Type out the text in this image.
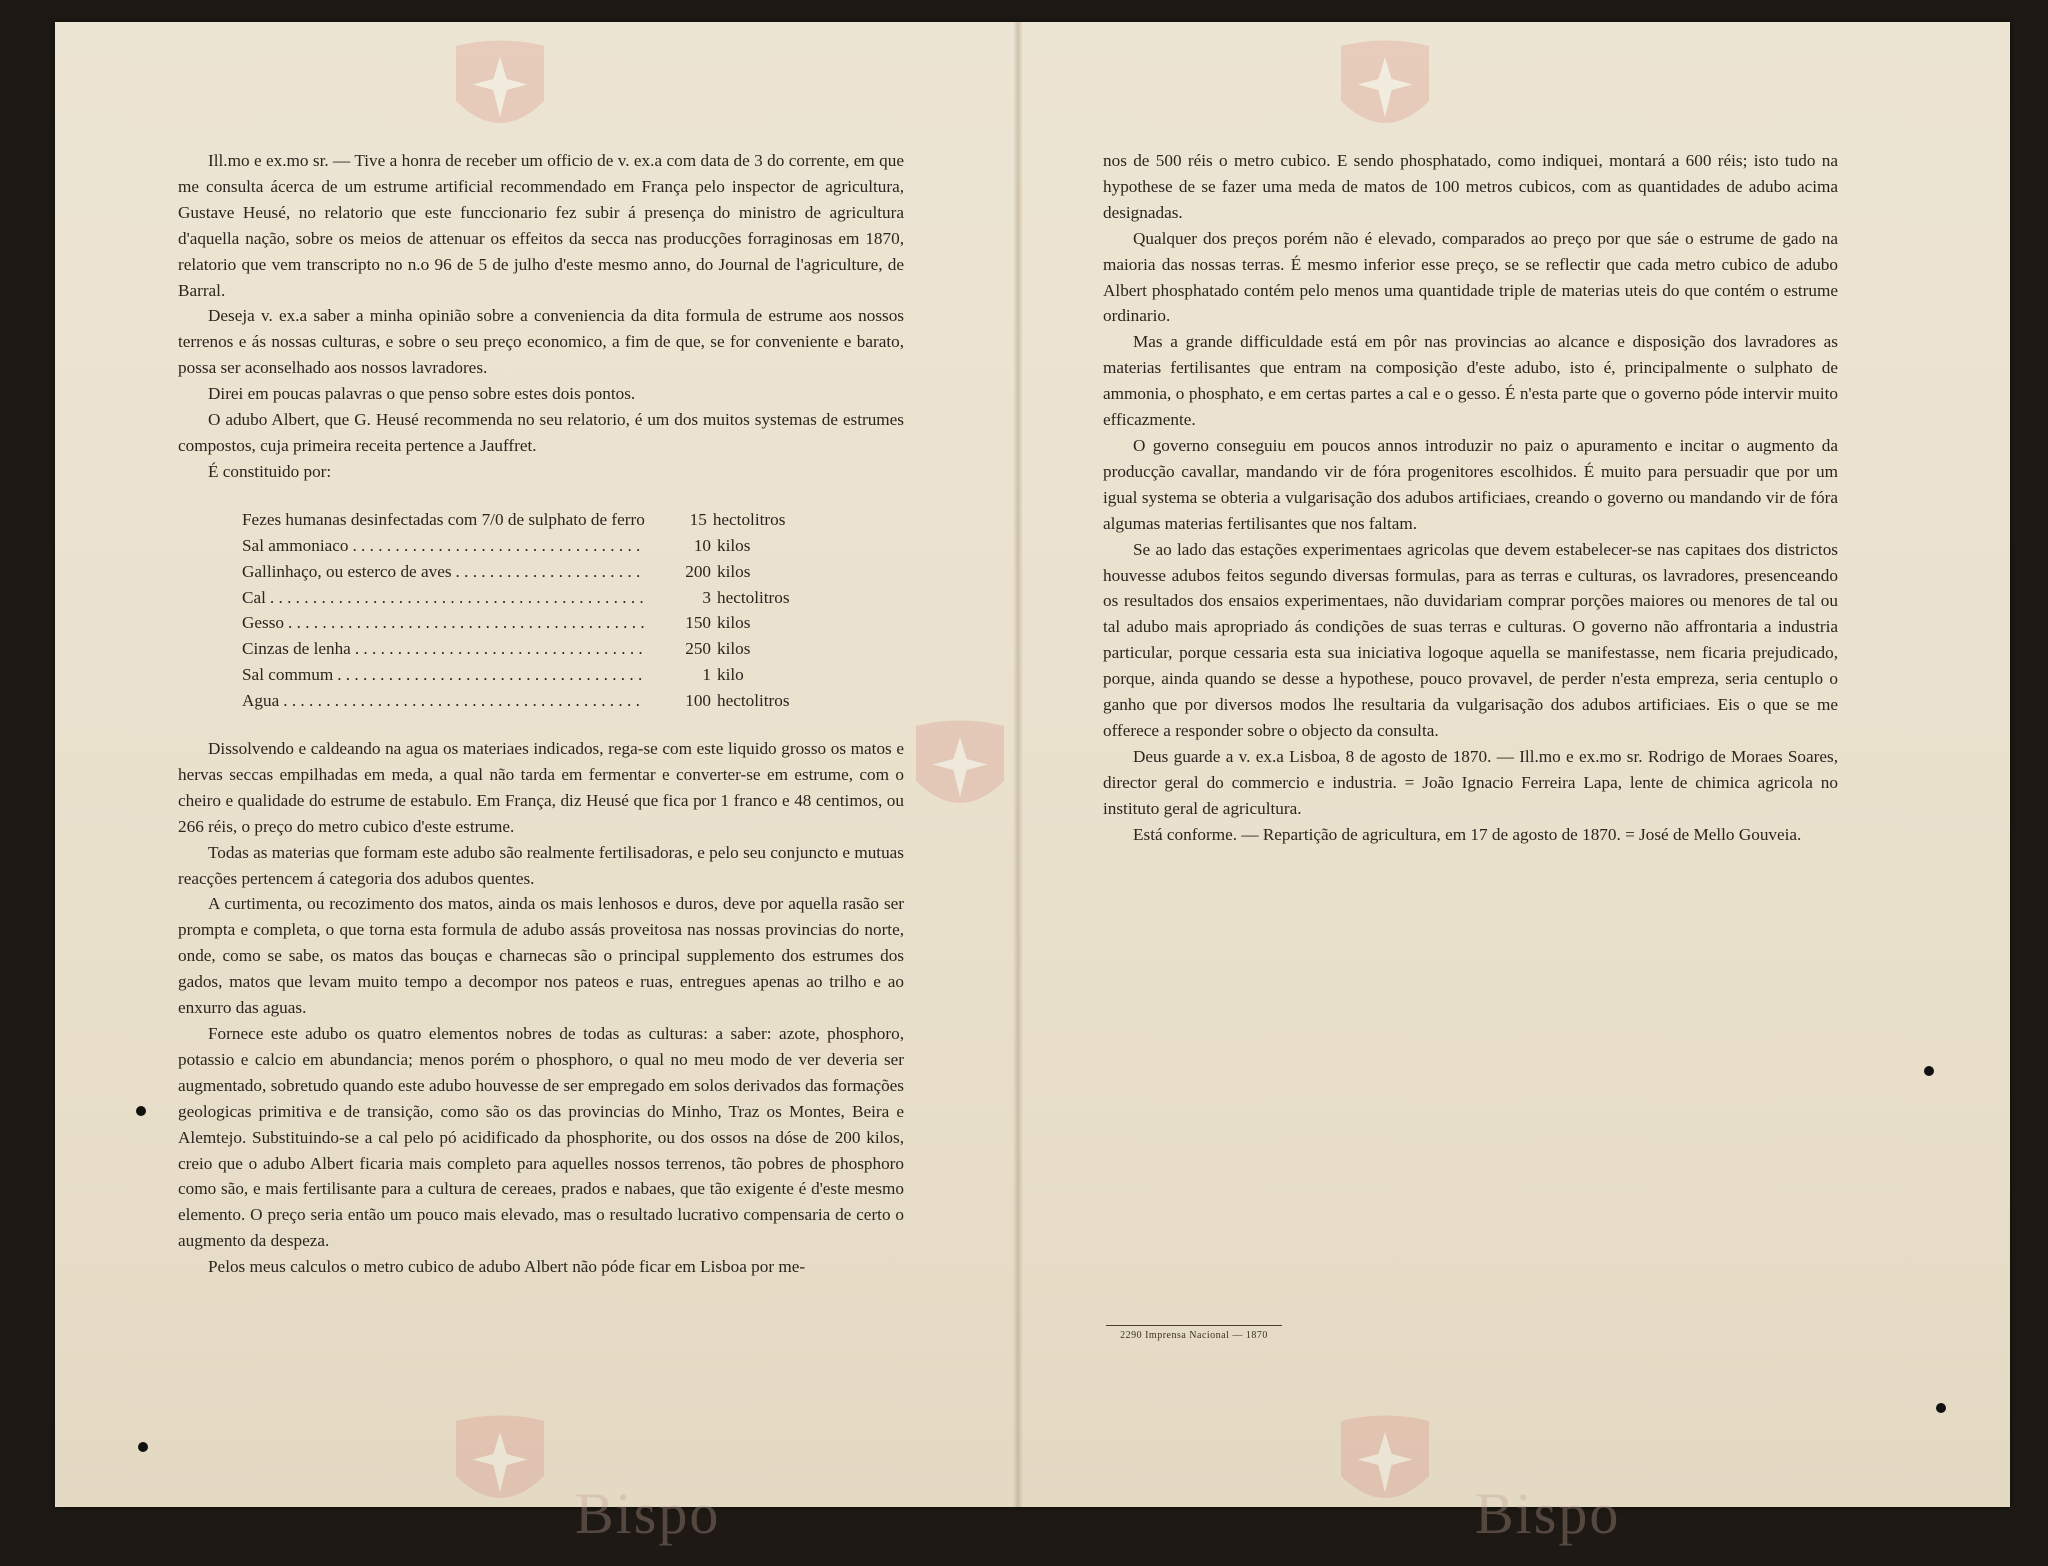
Bispo	Bispo

Ill.mo e ex.mo sr. — Tive a honra de receber um officio de v. ex.a com data de 3 do corrente, em que me consulta ácerca de um estrume artificial recommendado em França pelo inspector de agricultura, Gustave Heusé, no relatorio que este funccionario fez subir á presença do ministro de agricultura d'aquella nação, sobre os meios de attenuar os effeitos da secca nas producções forraginosas em 1870, relatorio que vem transcripto no n.o 96 de 5 de julho d'este mesmo anno, do Journal de l'agriculture, de Barral.

Deseja v. ex.a saber a minha opinião sobre a conveniencia da dita formula de estrume aos nossos terrenos e ás nossas culturas, e sobre o seu preço economico, a fim de que, se for conveniente e barato, possa ser aconselhado aos nossos lavradores.

Direi em poucas palavras o que penso sobre estes dois pontos.

O adubo Albert, que G. Heusé recommenda no seu relatorio, é um dos muitos systemas de estrumes compostos, cuja primeira receita pertence a Jauffret.

É constituido por:

Fezes humanas desinfectadas com 7/0 de sulphato de ferro	15 hectolitros
Sal ammoniaco . . .	10 kilos
Gallinhaço, ou esterco de aves . . .	200 kilos
Cal . . .	3 hectolitros
Gesso . . .	150 kilos
Cinzas de lenha . . .	250 kilos
Sal commum . . .	1 kilo
Agua . . .	100 hectolitros

Dissolvendo e caldeando na agua os materiaes indicados, rega-se com este liquido grosso os matos e hervas seccas empilhadas em meda, a qual não tarda em fermentar e converter-se em estrume, com o cheiro e qualidade do estrume de estabulo. Em França, diz Heusé que fica por 1 franco e 48 centimos, ou 266 réis, o preço do metro cubico d'este estrume.

Todas as materias que formam este adubo são realmente fertilisadoras, e pelo seu conjuncto e mutuas reacções pertencem á categoria dos adubos quentes.

A curtimenta, ou recozimento dos matos, ainda os mais lenhosos e duros, deve por aquella rasão ser prompta e completa, o que torna esta formula de adubo assás proveitosa nas nossas provincias do norte, onde, como se sabe, os matos das bouças e charnecas são o principal supplemento dos estrumes dos gados, matos que levam muito tempo a decompor nos pateos e ruas, entregues apenas ao trilho e ao enxurro das aguas.

Fornece este adubo os quatro elementos nobres de todas as culturas: a saber: azote, phosphoro, potassio e calcio em abundancia; menos porém o phosphoro, o qual no meu modo de ver deveria ser augmentado, sobretudo quando este adubo houvesse de ser empregado em solos derivados das formações geologicas primitiva e de transição, como são os das provincias do Minho, Traz os Montes, Beira e Alemtejo. Substituindo-se a cal pelo pó acidificado da phosphorite, ou dos ossos na dóse de 200 kilos, creio que o adubo Albert ficaria mais completo para aquelles nossos terrenos, tão pobres de phosphoro como são, e mais fertilisante para a cultura de cereaes, prados e nabaes, que tão exigente é d'este mesmo elemento. O preço seria então um pouco mais elevado, mas o resultado lucrativo compensaria de certo o augmento da despeza.

Pelos meus calculos o metro cubico de adubo Albert não póde ficar em Lisboa por me-

nos de 500 réis o metro cubico. E sendo phosphatado, como indiquei, montará a 600 réis; isto tudo na hypothese de se fazer uma meda de matos de 100 metros cubicos, com as quantidades de adubo acima designadas.

Qualquer dos preços porém não é elevado, comparados ao preço por que sáe o estrume de gado na maioria das nossas terras. É mesmo inferior esse preço, se se reflectir que cada metro cubico de adubo Albert phosphatado contém pelo menos uma quantidade triple de materias uteis do que contém o estrume ordinario.

Mas a grande difficuldade está em pôr nas provincias ao alcance e disposição dos lavradores as materias fertilisantes que entram na composição d'este adubo, isto é, principalmente o sulphato de ammonia, o phosphato, e em certas partes a cal e o gesso. É n'esta parte que o governo póde intervir muito efficazmente.

O governo conseguiu em poucos annos introduzir no paiz o apuramento e incitar o augmento da producção cavallar, mandando vir de fóra progenitores escolhidos. É muito para persuadir que por um igual systema se obteria a vulgarisação dos adubos artificiaes, creando o governo ou mandando vir de fóra algumas materias fertilisantes que nos faltam.

Se ao lado das estações experimentaes agricolas que devem estabelecer-se nas capitaes dos districtos houvesse adubos feitos segundo diversas formulas, para as terras e culturas, os lavradores, presenceando os resultados dos ensaios experimentaes, não duvidariam comprar porções maiores ou menores de tal ou tal adubo mais apropriado ás condições de suas terras e culturas. O governo não affrontaria a industria particular, porque cessaria esta sua iniciativa logoque aquella se manifestasse, nem ficaria prejudicado, porque, ainda quando se desse a hypothese, pouco provavel, de perder n'esta empreza, seria centuplo o ganho que por diversos modos lhe resultaria da vulgarisação dos adubos artificiaes. Eis o que se me offerece a responder sobre o objecto da consulta.

Deus guarde a v. ex.a Lisboa, 8 de agosto de 1870. — Ill.mo e ex.mo sr. Rodrigo de Moraes Soares, director geral do commercio e industria. = João Ignacio Ferreira Lapa, lente de chimica agricola no instituto geral de agricultura.

Está conforme. — Repartição de agricultura, em 17 de agosto de 1870. = José de Mello Gouveia.

2290 Imprensa Nacional — 1870
